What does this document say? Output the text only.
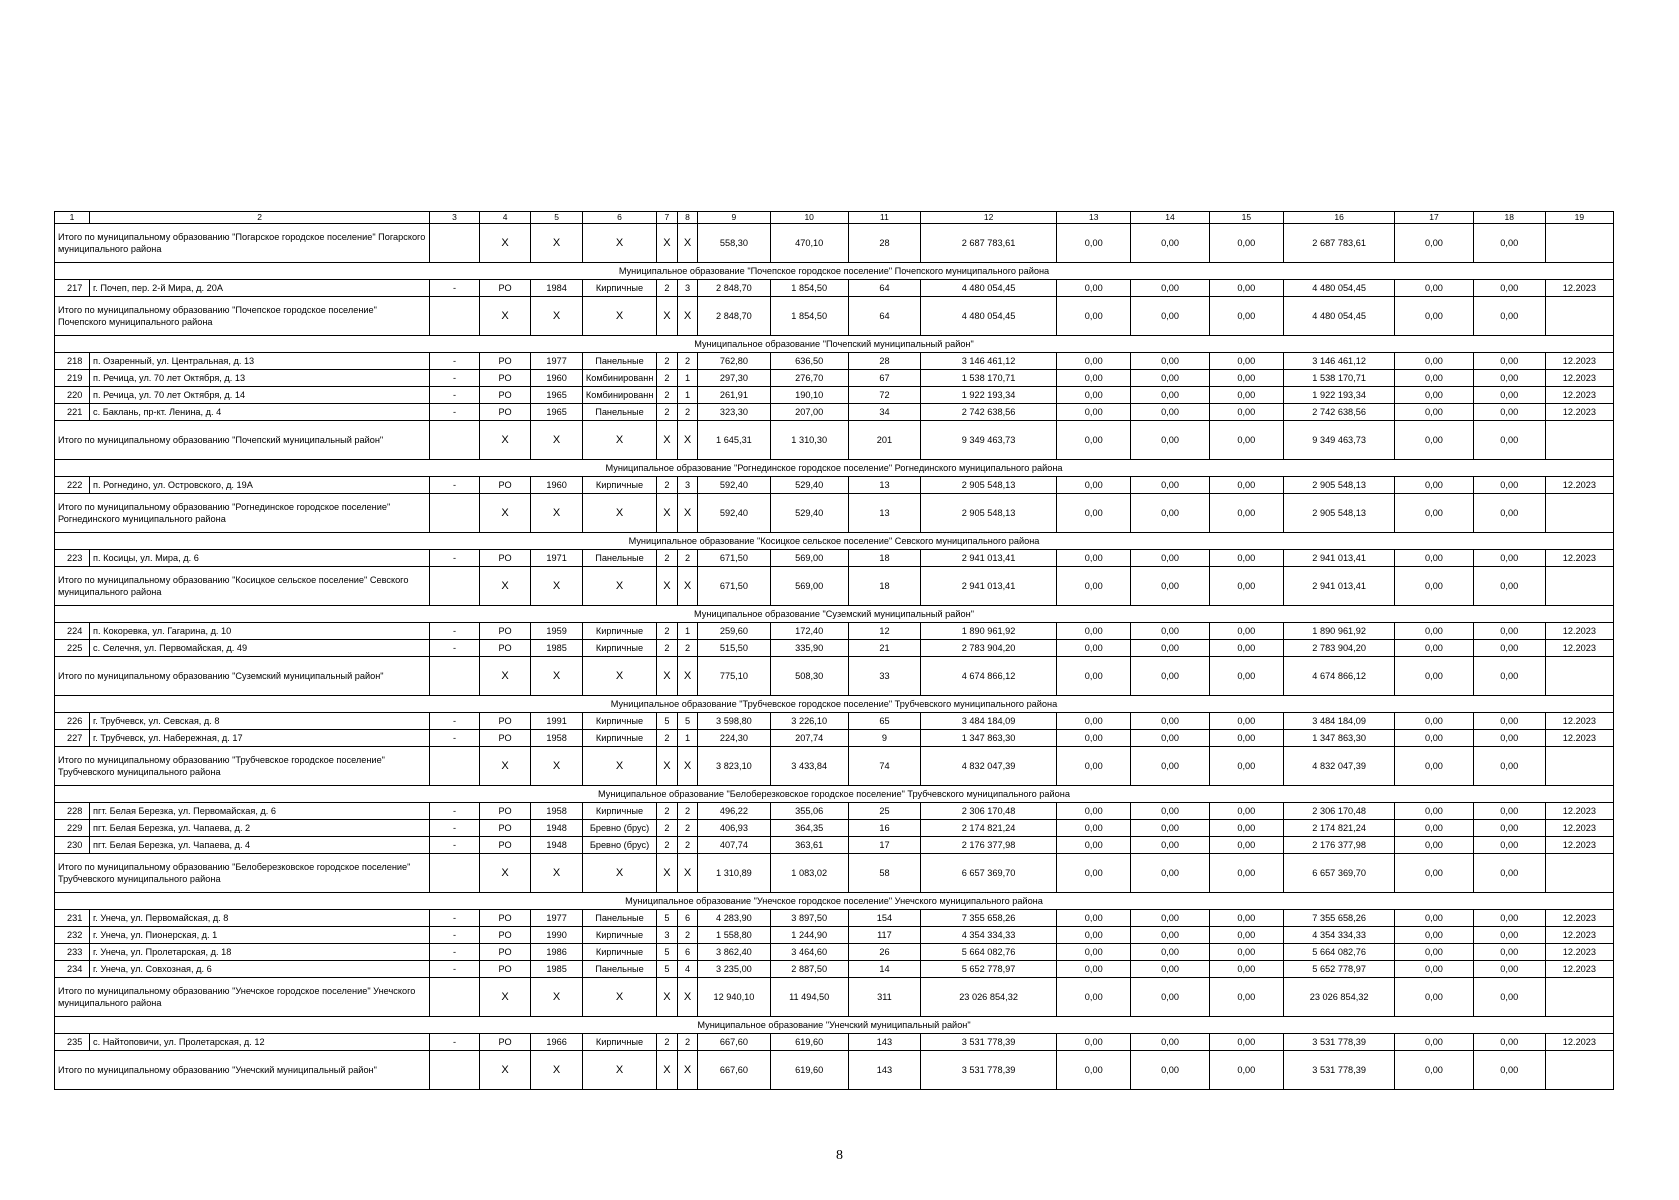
1	2	3	4	5	6	7	8	9	10	11	12	13	14	15	16	17	18	19
Итого по муниципальному образованию "Погарское городское поселение" Погарского муниципального района			X	X	X	X	X	558,30	470,10	28	2 687 783,61	0,00	0,00	0,00	2 687 783,61	0,00	0,00	
Муниципальное образование "Почепское городское поселение" Почепского муниципального района																		
217	г. Почеп, пер. 2-й Мира, д. 20А	-	РО	1984	Кирпичные	2	3	2 848,70	1 854,50	64	4 480 054,45	0,00	0,00	0,00	4 480 054,45	0,00	0,00	12.2023
Итого по муниципальному образованию "Почепское городское поселение" Почепского муниципального района			X	X	X	X	X	2 848,70	1 854,50	64	4 480 054,45	0,00	0,00	0,00	4 480 054,45	0,00	0,00	
Муниципальное образование "Почепский муниципальный район"																		
218	п. Озаренный, ул. Центральная, д. 13	-	РО	1977	Панельные	2	2	762,80	636,50	28	3 146 461,12	0,00	0,00	0,00	3 146 461,12	0,00	0,00	12.2023
219	п. Речица, ул. 70 лет Октября, д. 13	-	РО	1960	Комбинированн	2	1	297,30	276,70	67	1 538 170,71	0,00	0,00	0,00	1 538 170,71	0,00	0,00	12.2023
220	п. Речица, ул. 70 лет Октября, д. 14	-	РО	1965	Комбинированн	2	1	261,91	190,10	72	1 922 193,34	0,00	0,00	0,00	1 922 193,34	0,00	0,00	12.2023
221	с. Баклань, пр-кт. Ленина, д. 4	-	РО	1965	Панельные	2	2	323,30	207,00	34	2 742 638,56	0,00	0,00	0,00	2 742 638,56	0,00	0,00	12.2023
Итого по муниципальному образованию "Почепский муниципальный район"			X	X	X	X	X	1 645,31	1 310,30	201	9 349 463,73	0,00	0,00	0,00	9 349 463,73	0,00	0,00	
Муниципальное образование "Рогнединское городское поселение" Рогнединского муниципального района																		
222	п. Рогнедино, ул. Островского, д. 19А	-	РО	1960	Кирпичные	2	3	592,40	529,40	13	2 905 548,13	0,00	0,00	0,00	2 905 548,13	0,00	0,00	12.2023
Итого по муниципальному образованию "Рогнединское городское поселение" Рогнединского муниципального района			X	X	X	X	X	592,40	529,40	13	2 905 548,13	0,00	0,00	0,00	2 905 548,13	0,00	0,00	
Муниципальное образование "Косицкое сельское поселение" Севского муниципального района																		
223	п. Косицы, ул. Мира, д. 6	-	РО	1971	Панельные	2	2	671,50	569,00	18	2 941 013,41	0,00	0,00	0,00	2 941 013,41	0,00	0,00	12.2023
Итого по муниципальному образованию "Косицкое сельское поселение" Севского муниципального района			X	X	X	X	X	671,50	569,00	18	2 941 013,41	0,00	0,00	0,00	2 941 013,41	0,00	0,00	
Муниципальное образование "Суземский муниципальный район"																		
224	п. Кокоревка, ул. Гагарина, д. 10	-	РО	1959	Кирпичные	2	1	259,60	172,40	12	1 890 961,92	0,00	0,00	0,00	1 890 961,92	0,00	0,00	12.2023
225	с. Селечня, ул. Первомайская, д. 49	-	РО	1985	Кирпичные	2	2	515,50	335,90	21	2 783 904,20	0,00	0,00	0,00	2 783 904,20	0,00	0,00	12.2023
Итого по муниципальному образованию "Суземский муниципальный район"			X	X	X	X	X	775,10	508,30	33	4 674 866,12	0,00	0,00	0,00	4 674 866,12	0,00	0,00	
Муниципальное образование "Трубчевское городское поселение" Трубчевского муниципального района																		
226	г. Трубчевск, ул. Севская, д. 8	-	РО	1991	Кирпичные	5	5	3 598,80	3 226,10	65	3 484 184,09	0,00	0,00	0,00	3 484 184,09	0,00	0,00	12.2023
227	г. Трубчевск, ул. Набережная, д. 17	-	РО	1958	Кирпичные	2	1	224,30	207,74	9	1 347 863,30	0,00	0,00	0,00	1 347 863,30	0,00	0,00	12.2023
Итого по муниципальному образованию "Трубчевское городское поселение" Трубчевского муниципального района			X	X	X	X	X	3 823,10	3 433,84	74	4 832 047,39	0,00	0,00	0,00	4 832 047,39	0,00	0,00	
Муниципальное образование "Белоберезковское городское поселение" Трубчевского муниципального района																		
228	пгт. Белая Березка, ул. Первомайская, д. 6	-	РО	1958	Кирпичные	2	2	496,22	355,06	25	2 306 170,48	0,00	0,00	0,00	2 306 170,48	0,00	0,00	12.2023
229	пгт. Белая Березка, ул. Чапаева, д. 2	-	РО	1948	Бревно (брус)	2	2	406,93	364,35	16	2 174 821,24	0,00	0,00	0,00	2 174 821,24	0,00	0,00	12.2023
230	пгт. Белая Березка, ул. Чапаева, д. 4	-	РО	1948	Бревно (брус)	2	2	407,74	363,61	17	2 176 377,98	0,00	0,00	0,00	2 176 377,98	0,00	0,00	12.2023
Итого по муниципальному образованию "Белоберезковское городское поселение" Трубчевского муниципального района			X	X	X	X	X	1 310,89	1 083,02	58	6 657 369,70	0,00	0,00	0,00	6 657 369,70	0,00	0,00	
Муниципальное образование "Унечское городское поселение" Унечского муниципального района																		
231	г. Унеча, ул. Первомайская, д. 8	-	РО	1977	Панельные	5	6	4 283,90	3 897,50	154	7 355 658,26	0,00	0,00	0,00	7 355 658,26	0,00	0,00	12.2023
232	г. Унеча, ул. Пионерская, д. 1	-	РО	1990	Кирпичные	3	2	1 558,80	1 244,90	117	4 354 334,33	0,00	0,00	0,00	4 354 334,33	0,00	0,00	12.2023
233	г. Унеча, ул. Пролетарская, д. 18	-	РО	1986	Кирпичные	5	6	3 862,40	3 464,60	26	5 664 082,76	0,00	0,00	0,00	5 664 082,76	0,00	0,00	12.2023
234	г. Унеча, ул. Совхозная, д. 6	-	РО	1985	Панельные	5	4	3 235,00	2 887,50	14	5 652 778,97	0,00	0,00	0,00	5 652 778,97	0,00	0,00	12.2023
Итого по муниципальному образованию "Унечское городское поселение" Унечского муниципального района			X	X	X	X	X	12 940,10	11 494,50	311	23 026 854,32	0,00	0,00	0,00	23 026 854,32	0,00	0,00	
Муниципальное образование "Унечский муниципальный район"																		
235	с. Найтоповичи, ул. Пролетарская, д. 12	-	РО	1966	Кирпичные	2	2	667,60	619,60	143	3 531 778,39	0,00	0,00	0,00	3 531 778,39	0,00	0,00	12.2023
Итого по муниципальному образованию "Унечский муниципальный район"			X	X	X	X	X	667,60	619,60	143	3 531 778,39	0,00	0,00	0,00	3 531 778,39	0,00	0,00	
8
